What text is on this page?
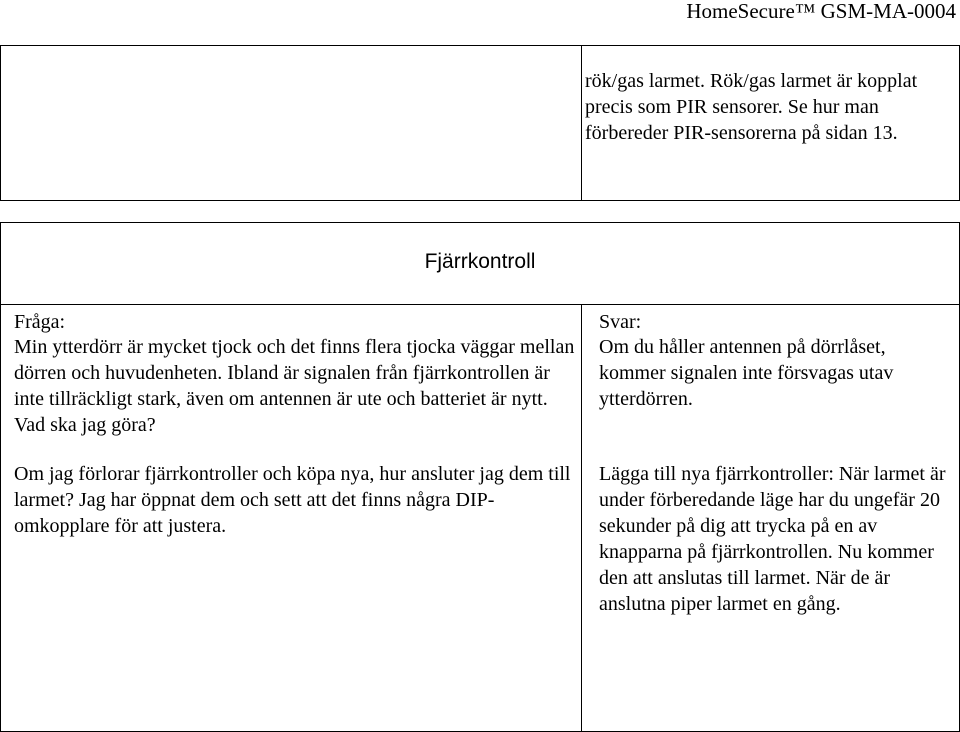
HomeSecure™ GSM-MA-0004
rök/gas larmet. Rök/gas larmet är kopplat precis som PIR sensorer. Se hur man förbereder PIR-sensorerna på sidan 13.
Fjärrkontroll
Fråga:
Min ytterdörr är mycket tjock och det finns flera tjocka väggar mellan dörren och huvudenheten. Ibland är signalen från fjärrkontrollen är inte tillräckligt stark, även om antennen är ute och batteriet är nytt. Vad ska jag göra?
Om jag förlorar fjärrkontroller och köpa nya, hur ansluter jag dem till larmet? Jag har öppnat dem och sett att det finns några DIP-omkopplare för att justera.
Svar:
Om du håller antennen på dörrlåset, kommer signalen inte försvagas utav ytterdörren.
Lägga till nya fjärrkontroller: När larmet är under förberedande läge har du ungefär 20 sekunder på dig att trycka på en av knapparna på fjärrkontrollen. Nu kommer den att anslutas till larmet. När de är anslutna piper larmet en gång.
